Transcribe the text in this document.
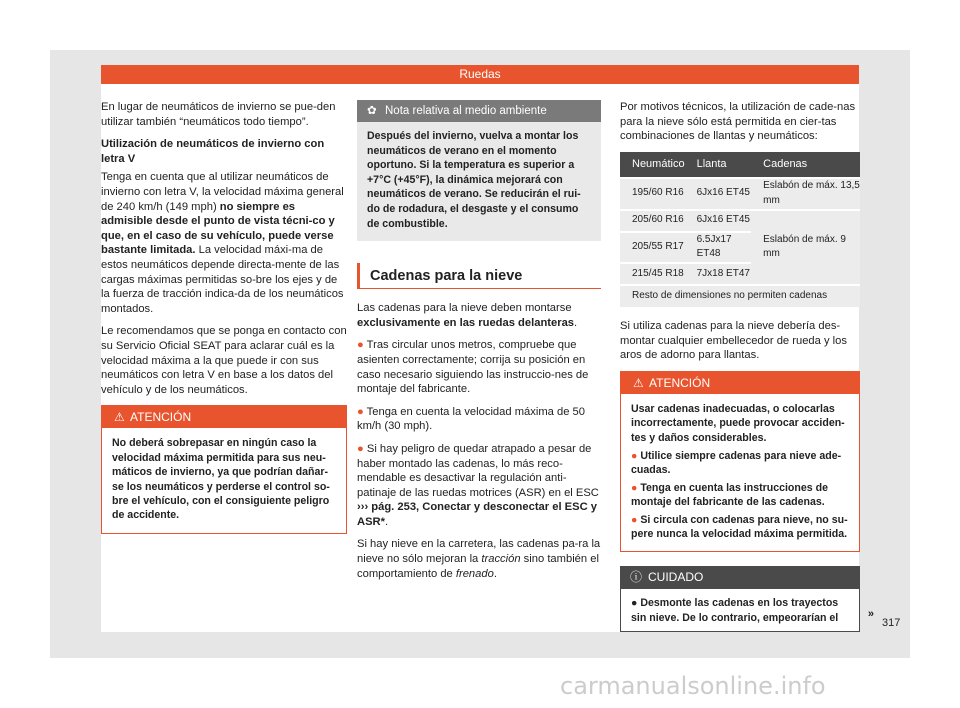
Ruedas

En lugar de neumáticos de invierno se pue-den utilizar también “neumáticos todo tiempo”.

Utilización de neumáticos de invierno con letra V

Tenga en cuenta que al utilizar neumáticos de invierno con letra V, la velocidad máxima general de 240 km/h (149 mph) no siempre es admisible desde el punto de vista técni-co y que, en el caso de su vehículo, puede verse bastante limitada. La velocidad máxi-ma de estos neumáticos depende directa-mente de las cargas máximas permitidas so-bre los ejes y de la fuerza de tracción indica-da de los neumáticos montados.

Le recomendamos que se ponga en contacto con su Servicio Oficial SEAT para aclarar cuál es la velocidad máxima a la que puede ir con sus neumáticos con letra V en base a los datos del vehículo y de los neumáticos.

⚠ ATENCIÓN
No deberá sobrepasar en ningún caso la velocidad máxima permitida para sus neu-máticos de invierno, ya que podrían dañar-se los neumáticos y perderse el control so-bre el vehículo, con el consiguiente peligro de accidente.
✿ Nota relativa al medio ambiente
Después del invierno, vuelva a montar los neumáticos de verano en el momento oportuno. Si la temperatura es superior a +7°C (+45°F), la dinámica mejorará con neumáticos de verano. Se reducirán el rui-do de rodadura, el desgaste y el consumo de combustible.
Cadenas para la nieve

Las cadenas para la nieve deben montarse exclusivamente en las ruedas delanteras.

● Tras circular unos metros, compruebe que asienten correctamente; corrija su posición en caso necesario siguiendo las instruccio-nes de montaje del fabricante.

● Tenga en cuenta la velocidad máxima de 50 km/h (30 mph).

● Si hay peligro de quedar atrapado a pesar de haber montado las cadenas, lo más reco-mendable es desactivar la regulación anti-patinaje de las ruedas motrices (ASR) en el ESC ››› pág. 253, Conectar y desconectar el ESC y ASR*.

Si hay nieve en la carretera, las cadenas pa-ra la nieve no sólo mejoran la tracción sino también el comportamiento de frenado.

Por motivos técnicos, la utilización de cade-nas para la nieve sólo está permitida en cier-tas combinaciones de llantas y neumáticos:

Neumático	Llanta	Cadenas
195/60 R16	6Jx16 ET45	Eslabón de máx. 13,5 mm
205/60 R16	6Jx16 ET45	Eslabón de máx. 9 mm
205/55 R17	6.5Jx17 ET48	
215/45 R18	7Jx18 ET47	
Resto de dimensiones no permiten cadenas		

Si utiliza cadenas para la nieve debería des-montar cualquier embellecedor de rueda y los aros de adorno para llantas.

⚠ ATENCIÓN
Usar cadenas inadecuadas, o colocarlas incorrectamente, puede provocar acciden-tes y daños considerables.
● Utilice siempre cadenas para nieve ade-cuadas.
● Tenga en cuenta las instrucciones de montaje del fabricante de las cadenas.
● Si circula con cadenas para nieve, no su-pere nunca la velocidad máxima permitida.
ⓘ CUIDADO
● Desmonte las cadenas en los trayectos sin nieve. De lo contrario, empeorarían el	»
317
carmanualsonline.info
